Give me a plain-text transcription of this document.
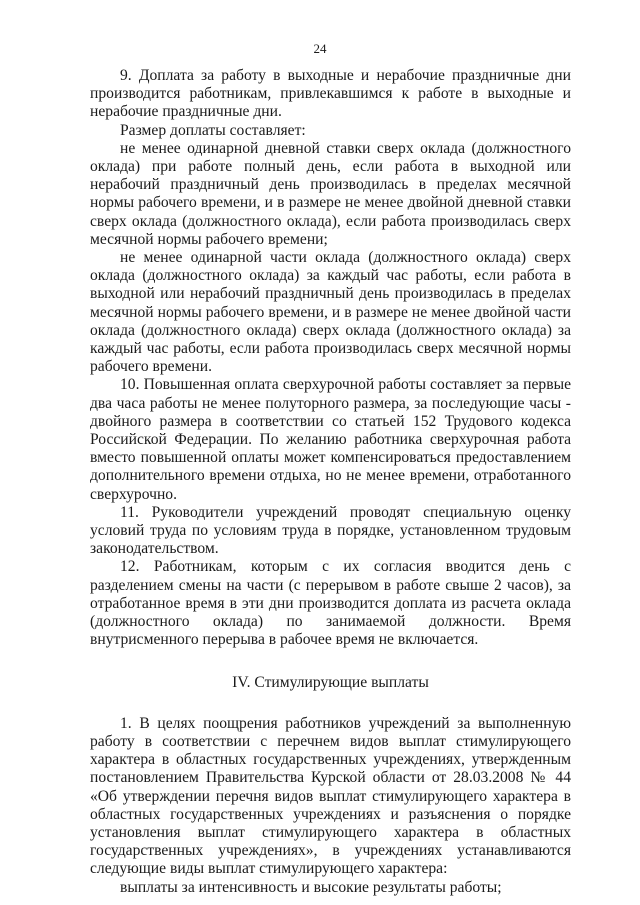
24

9. Доплата за работу в выходные и нерабочие праздничные дни производится работникам, привлекавшимся к работе в выходные и нерабочие праздничные дни.

Размер доплаты составляет:

не менее одинарной дневной ставки сверх оклада (должностного оклада) при работе полный день, если работа в выходной или нерабочий праздничный день производилась в пределах месячной нормы рабочего времени, и в размере не менее двойной дневной ставки сверх оклада (должностного оклада), если работа производилась сверх месячной нормы рабочего времени;

не менее одинарной части оклада (должностного оклада) сверх оклада (должностного оклада) за каждый час работы, если работа в выходной или нерабочий праздничный день производилась в пределах месячной нормы рабочего времени, и в размере не менее двойной части оклада (должностного оклада) сверх оклада (должностного оклада) за каждый час работы, если работа производилась сверх месячной нормы рабочего времени.

10. Повышенная оплата сверхурочной работы составляет за первые два часа работы не менее полуторного размера, за последующие часы - двойного размера в соответствии со статьей 152 Трудового кодекса Российской Федерации. По желанию работника сверхурочная работа вместо повышенной оплаты может компенсироваться предоставлением дополнительного времени отдыха, но не менее времени, отработанного сверхурочно.

11. Руководители учреждений проводят специальную оценку условий труда по условиям труда в порядке, установленном трудовым законодательством.

12. Работникам, которым с их согласия вводится день с разделением смены на части (с перерывом в работе свыше 2 часов), за отработанное время в эти дни производится доплата из расчета оклада (должностного оклада) по занимаемой должности. Время внутрисменного перерыва в рабочее время не включается.

IV. Стимулирующие выплаты

1. В целях поощрения работников учреждений за выполненную работу в соответствии с перечнем видов выплат стимулирующего характера в областных государственных учреждениях, утвержденным постановлением Правительства Курской области от 28.03.2008 № 44 «Об утверждении перечня видов выплат стимулирующего характера в областных государственных учреждениях и разъяснения о порядке установления выплат стимулирующего характера в областных государственных учреждениях», в учреждениях устанавливаются следующие виды выплат стимулирующего характера:

выплаты за интенсивность и высокие результаты работы;
